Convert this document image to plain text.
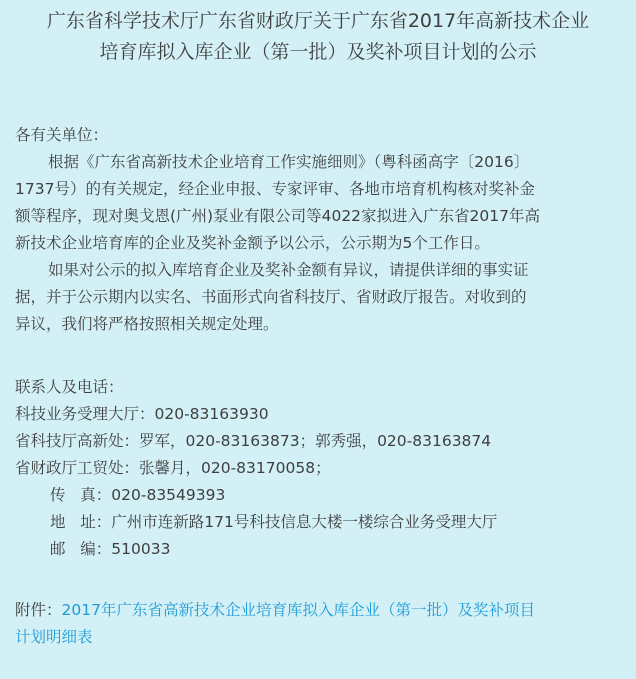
广东省科学技术厅广东省财政厅关于广东省2017年高新技术企业
培育库拟入库企业（第一批）及奖补项目计划的公示
各有关单位：
根据《广东省高新技术企业培育工作实施细则》（粤科函高字〔2016〕
1737号）的有关规定，经企业申报、专家评审、各地市培育机构核对奖补金
额等程序，现对奥戈恩(广州)泵业有限公司等4022家拟进入广东省2017年高
新技术企业培育库的企业及奖补金额予以公示，公示期为5个工作日。
如果对公示的拟入库培育企业及奖补金额有异议，请提供详细的事实证
据，并于公示期内以实名、书面形式向省科技厅、省财政厅报告。对收到的
异议，我们将严格按照相关规定处理。
联系人及电话：
科技业务受理大厅：020-83163930
省科技厅高新处：罗军，020-83163873；郭秀强，020-83163874
省财政厅工贸处：张馨月，020-83170058；
传   真：020-83549393
地   址：广州市连新路171号科技信息大楼一楼综合业务受理大厅
邮   编：510033
附件：2017年广东省高新技术企业培育库拟入库企业（第一批）及奖补项目
计划明细表
